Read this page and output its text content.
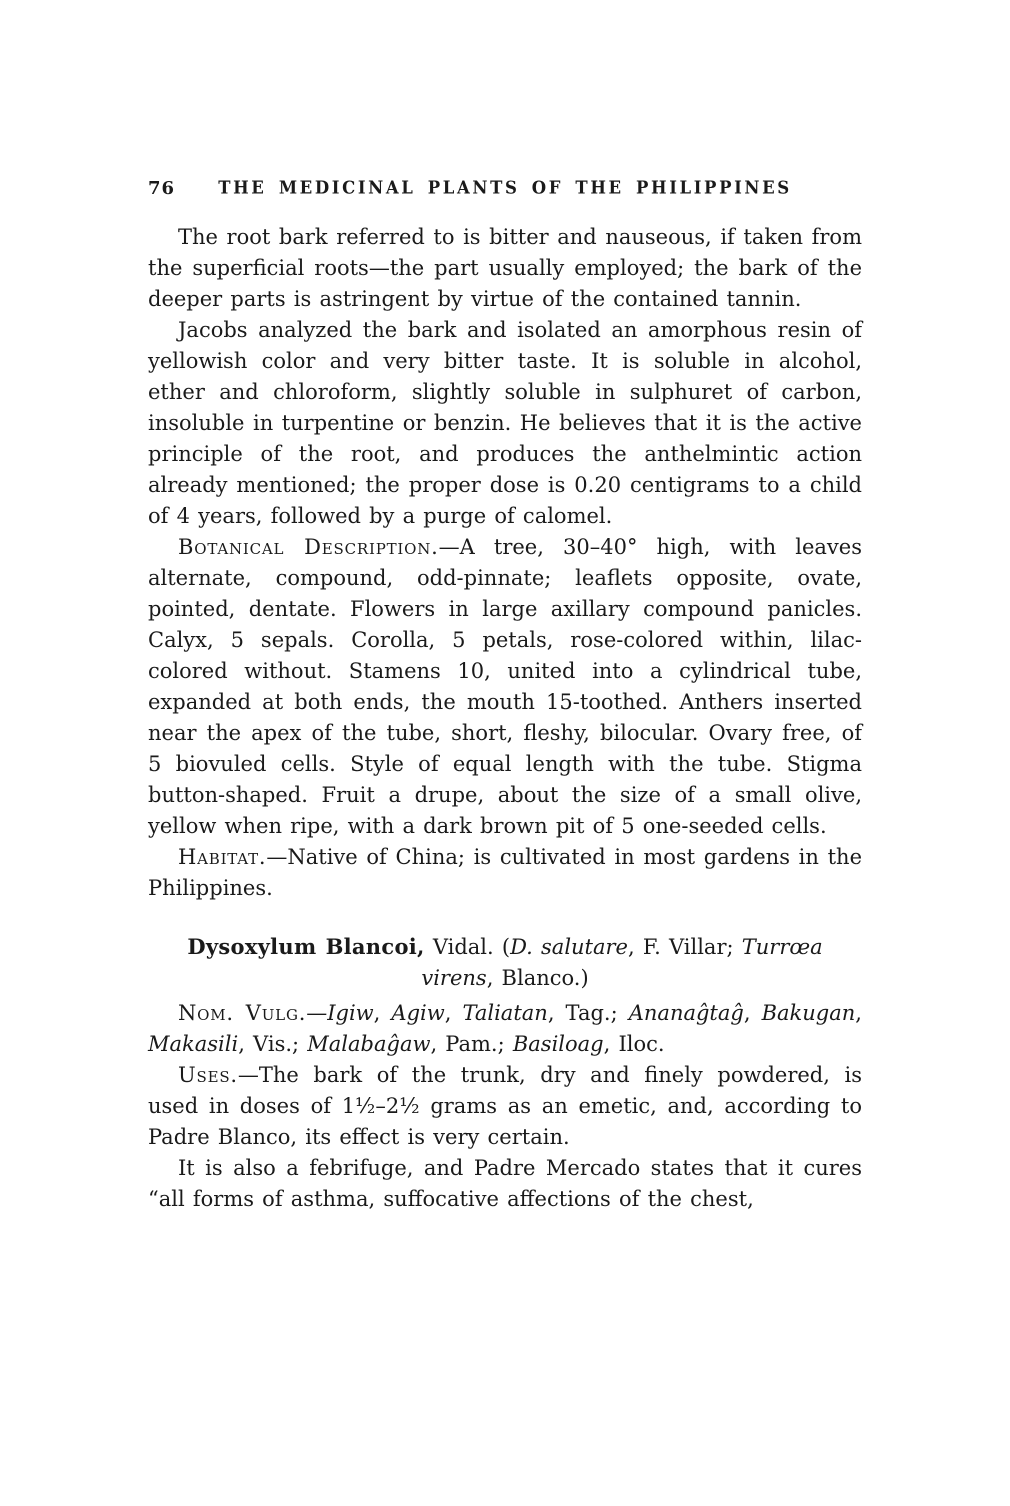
76	THE MEDICINAL PLANTS OF THE PHILIPPINES

The root bark referred to is bitter and nauseous, if taken from the superficial roots—the part usually employed; the bark of the deeper parts is astringent by virtue of the contained tannin.

Jacobs analyzed the bark and isolated an amorphous resin of yellowish color and very bitter taste. It is soluble in alcohol, ether and chloroform, slightly soluble in sulphuret of carbon, insoluble in turpentine or benzin. He believes that it is the active principle of the root, and produces the anthelmintic action already mentioned; the proper dose is 0.20 centigrams to a child of 4 years, followed by a purge of calomel.

Botanical Description.—A tree, 30–40° high, with leaves alternate, compound, odd-pinnate; leaflets opposite, ovate, pointed, dentate. Flowers in large axillary compound panicles. Calyx, 5 sepals. Corolla, 5 petals, rose-colored within, lilac-colored without. Stamens 10, united into a cylindrical tube, expanded at both ends, the mouth 15-toothed. Anthers inserted near the apex of the tube, short, fleshy, bilocular. Ovary free, of 5 biovuled cells. Style of equal length with the tube. Stigma button-shaped. Fruit a drupe, about the size of a small olive, yellow when ripe, with a dark brown pit of 5 one-seeded cells.

Habitat.—Native of China; is cultivated in most gardens in the Philippines.

Dysoxylum Blancoi, Vidal. (D. salutare, F. Villar; Turrœa virens, Blanco.)

Nom. Vulg.—Igiw, Agiw, Taliatan, Tag.; Ananaĝtaĝ, Bakugan, Makasili, Vis.; Malabaĝaw, Pam.; Basiloag, Iloc.

Uses.—The bark of the trunk, dry and finely powdered, is used in doses of 1½–2½ grams as an emetic, and, according to Padre Blanco, its effect is very certain.

It is also a febrifuge, and Padre Mercado states that it cures “all forms of asthma, suffocative affections of the chest,
